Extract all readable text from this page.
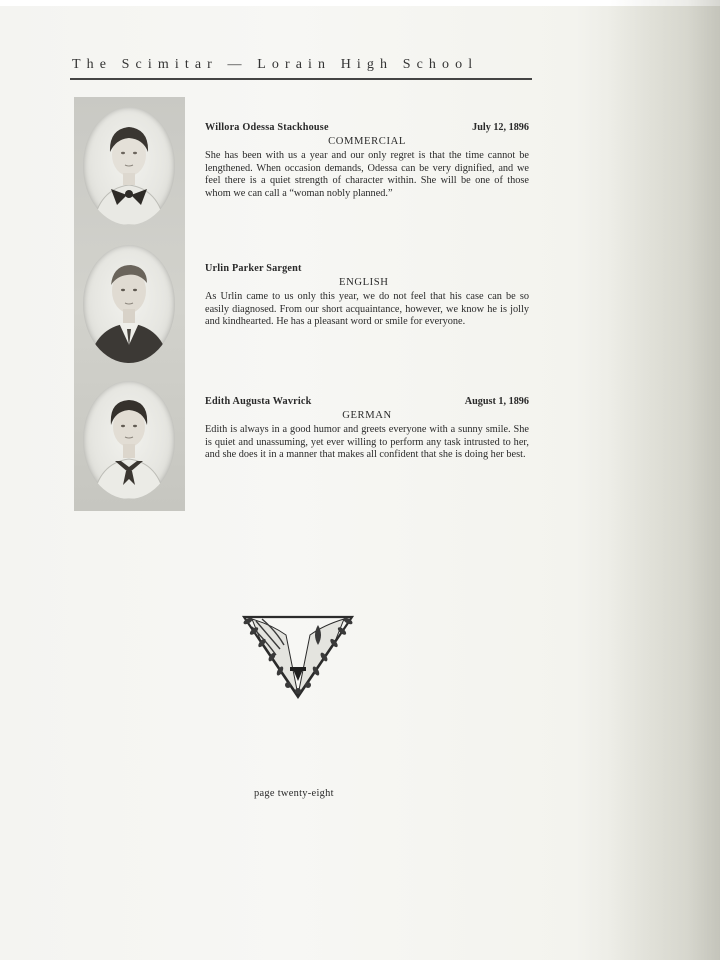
The Scimitar — Lorain High School
Willora Odessa Stackhouse	July 12, 1896
COMMERCIAL
She has been with us a year and our only regret is that the time cannot be lengthened. When occasion demands, Odessa can be very dignified, and we feel there is a quiet strength of character within. She will be one of those whom we can call a “woman nobly planned.”
Urlin Parker Sargent
ENGLISH
As Urlin came to us only this year, we do not feel that his case can be so easily diagnosed. From our short acquaintance, however, we know he is jolly and kindhearted. He has a pleasant word or smile for everyone.
Edith Augusta Wavrick	August 1, 1896
GERMAN
Edith is always in a good humor and greets everyone with a sunny smile. She is quiet and unassuming, yet ever willing to perform any task intrusted to her, and she does it in a manner that makes all confident that she is doing her best.
page twenty-eight
